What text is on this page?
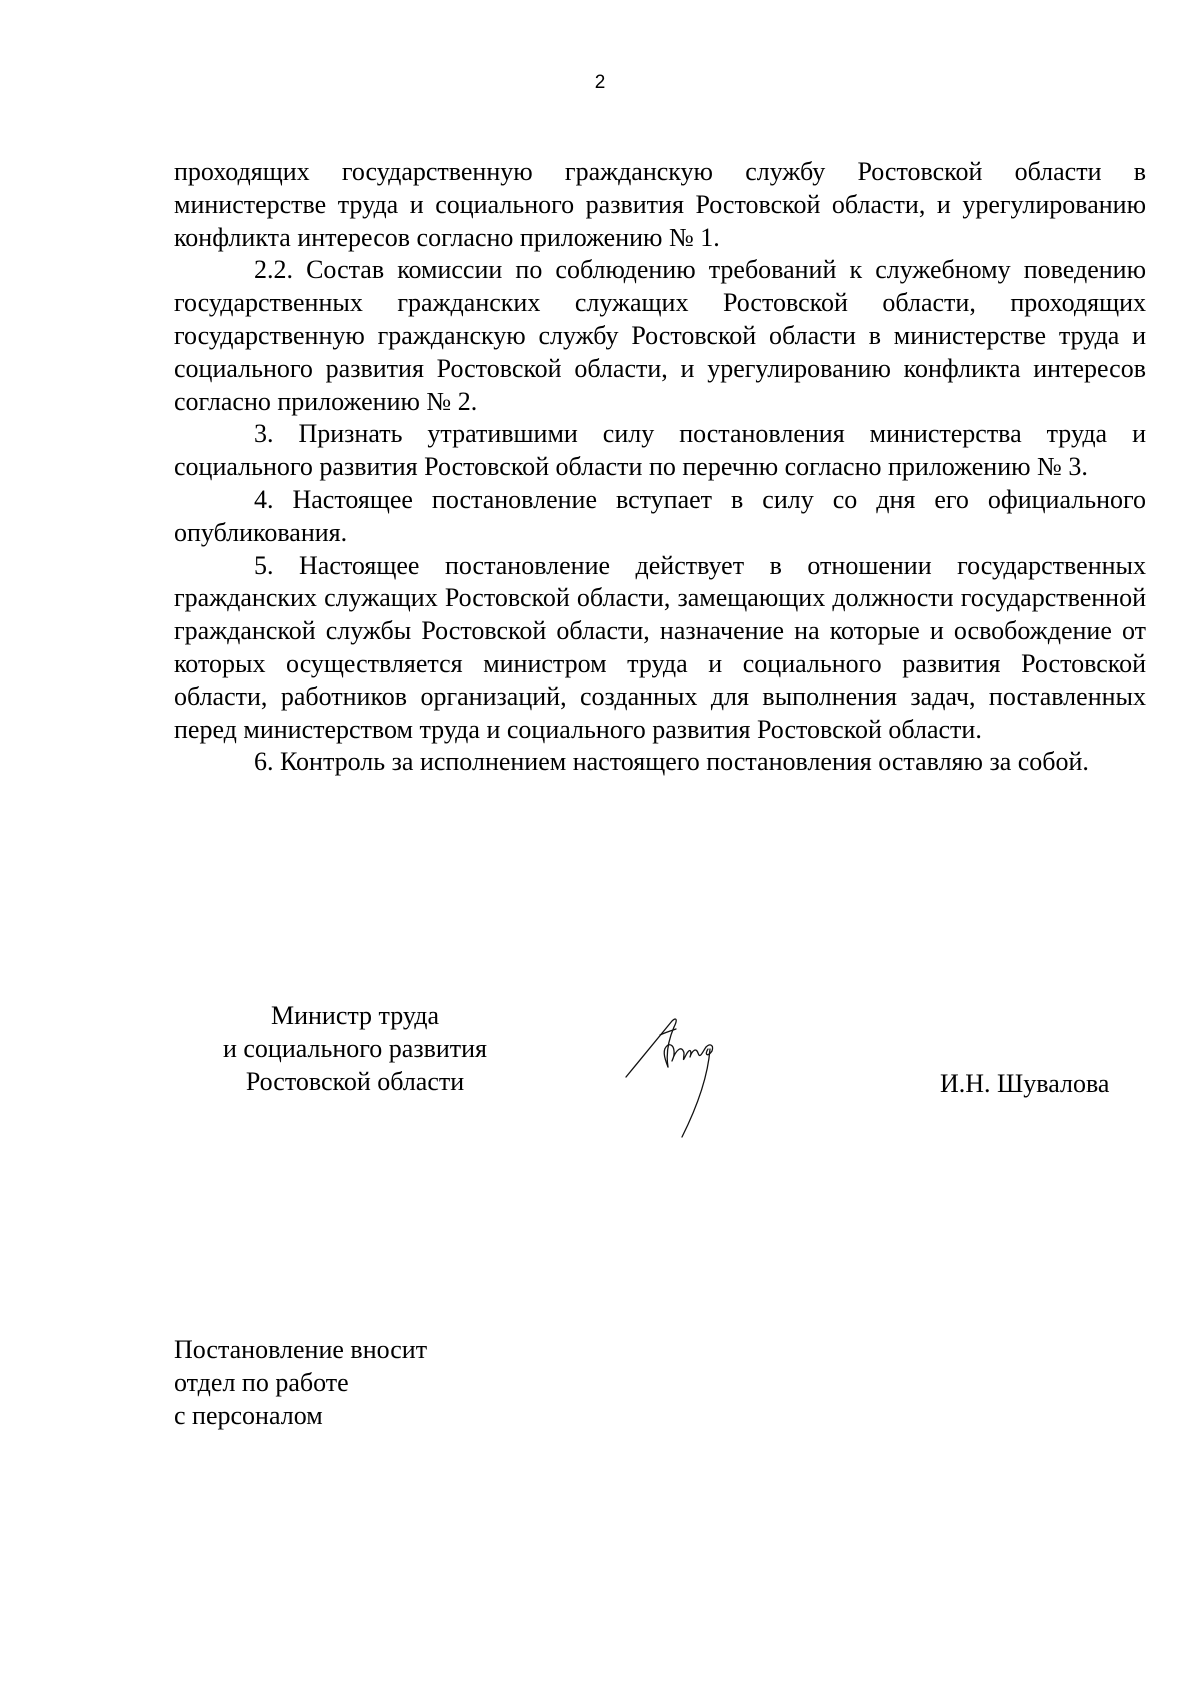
2

проходящих государственную гражданскую службу Ростовской области в министерстве труда и социального развития Ростовской области, и урегулированию конфликта интересов согласно приложению № 1.

2.2. Состав комиссии по соблюдению требований к служебному поведению государственных гражданских служащих Ростовской области, проходящих государственную гражданскую службу Ростовской области в министерстве труда и социального развития Ростовской области, и урегулированию конфликта интересов согласно приложению № 2.

3. Признать утратившими силу постановления министерства труда и социального развития Ростовской области по перечню согласно приложению № 3.

4. Настоящее постановление вступает в силу со дня его официального опубликования.

5. Настоящее постановление действует в отношении государственных гражданских служащих Ростовской области, замещающих должности государственной гражданской службы Ростовской области, назначение на которые и освобождение от которых осуществляется министром труда и социального развития Ростовской области, работников организаций, созданных для выполнения задач, поставленных перед министерством труда и социального развития Ростовской области.

6. Контроль за исполнением настоящего постановления оставляю за собой.

Министр труда
и социального развития
Ростовской области	И.Н. Шувалова
Постановление вносит
отдел по работе
с персоналом
